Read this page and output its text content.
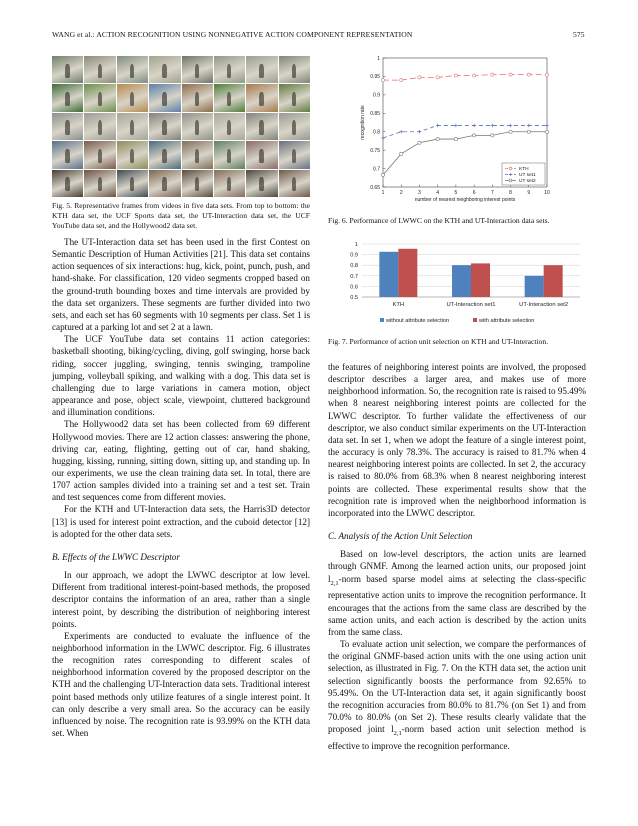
WANG et al.: ACTION RECOGNITION USING NONNEGATIVE ACTION COMPONENT REPRESENTATION	575
Fig. 5. Representative frames from videos in five data sets. From top to bottom: the KTH data set, the UCF Sports data set, the UT-Interaction data set, the UCF YouTube data set, and the Hollywood2 data set.
0.65
0.7
0.75
0.8
0.85
0.9
0.95
1
1	2	3	4	5	6	7	8	9	10
number of nearest neighboring interest points
recognition rate
KTH
UT set1
UT set2
Fig. 6. Performance of LWWC on the KTH and UT-Interaction data sets.
0.5
0.6
0.7
0.8
0.9
1
KTH	UT-Interaction set1	UT-Interaction set2
without attribute selection	with attribute selection
Fig. 7. Performance of action unit selection on KTH and UT-Interaction.

The UT-Interaction data set has been used in the first Contest on Semantic Description of Human Activities [21]. This data set contains action sequences of six interactions: hug, kick, point, punch, push, and hand-shake. For classification, 120 video segments cropped based on the ground-truth bounding boxes and time intervals are provided by the data set organizers. These segments are further divided into two sets, and each set has 60 segments with 10 segments per class. Set 1 is captured at a parking lot and set 2 at a lawn.

The UCF YouTube data set contains 11 action categories: basketball shooting, biking/cycling, diving, golf swinging, horse back riding, soccer juggling, swinging, tennis swinging, trampoline jumping, volleyball spiking, and walking with a dog. This data set is challenging due to large variations in camera motion, object appearance and pose, object scale, viewpoint, cluttered background and illumination conditions.

The Hollywood2 data set has been collected from 69 different Hollywood movies. There are 12 action classes: answering the phone, driving car, eating, flighting, getting out of car, hand shaking, hugging, kissing, running, sitting down, sitting up, and standing up. In our experiments, we use the clean training data set. In total, there are 1707 action samples divided into a training set and a test set. Train and test sequences come from different movies.

For the KTH and UT-Interaction data sets, the Harris3D detector [13] is used for interest point extraction, and the cuboid detector [12] is adopted for the other data sets.

B. Effects of the LWWC Descriptor

In our approach, we adopt the LWWC descriptor at low level. Different from traditional interest-point-based methods, the proposed descriptor contains the information of an area, rather than a single interest point, by describing the distribution of neighboring interest points.

Experiments are conducted to evaluate the influence of the neighborhood information in the LWWC descriptor. Fig. 6 illustrates the recognition rates corresponding to different scales of neighborhood information covered by the proposed descriptor on the KTH and the challenging UT-Interaction data sets. Traditional interest point based methods only utilize features of a single interest point. It can only describe a very small area. So the accuracy can be easily influenced by noise. The recognition rate is 93.99% on the KTH data set. When

the features of neighboring interest points are involved, the proposed descriptor describes a larger area, and makes use of more neighborhood information. So, the recognition rate is raised to 95.49% when 8 nearest neighboring interest points are collected for the LWWC descriptor. To further validate the effectiveness of our descriptor, we also conduct similar experiments on the UT-Interaction data set. In set 1, when we adopt the feature of a single interest point, the accuracy is only 78.3%. The accuracy is raised to 81.7% when 4 nearest neighboring interest points are collected. In set 2, the accuracy is raised to 80.0% from 68.3% when 8 nearest neighboring interest points are collected. These experimental results show that the recognition rate is improved when the neighborhood information is incorporated into the LWWC descriptor.

C. Analysis of the Action Unit Selection

Based on low-level descriptors, the action units are learned through GNMF. Among the learned action units, our proposed joint $l_{2,1}$-norm based sparse model aims at selecting the class-specific representative action units to improve the recognition performance. It encourages that the actions from the same class are described by the same action units, and each action is described by the action units from the same class.

To evaluate action unit selection, we compare the performances of the original GNMF-based action units with the one using action unit selection, as illustrated in Fig. 7. On the KTH data set, the action unit selection significantly boosts the performance from 92.65% to 95.49%. On the UT-Interaction data set, it again significantly boost the recognition accuracies from 80.0% to 81.7% (on Set 1) and from 70.0% to 80.0% (on Set 2). These results clearly validate that the proposed joint $l_{2,1}$-norm based action unit selection method is effective to improve the recognition performance.
